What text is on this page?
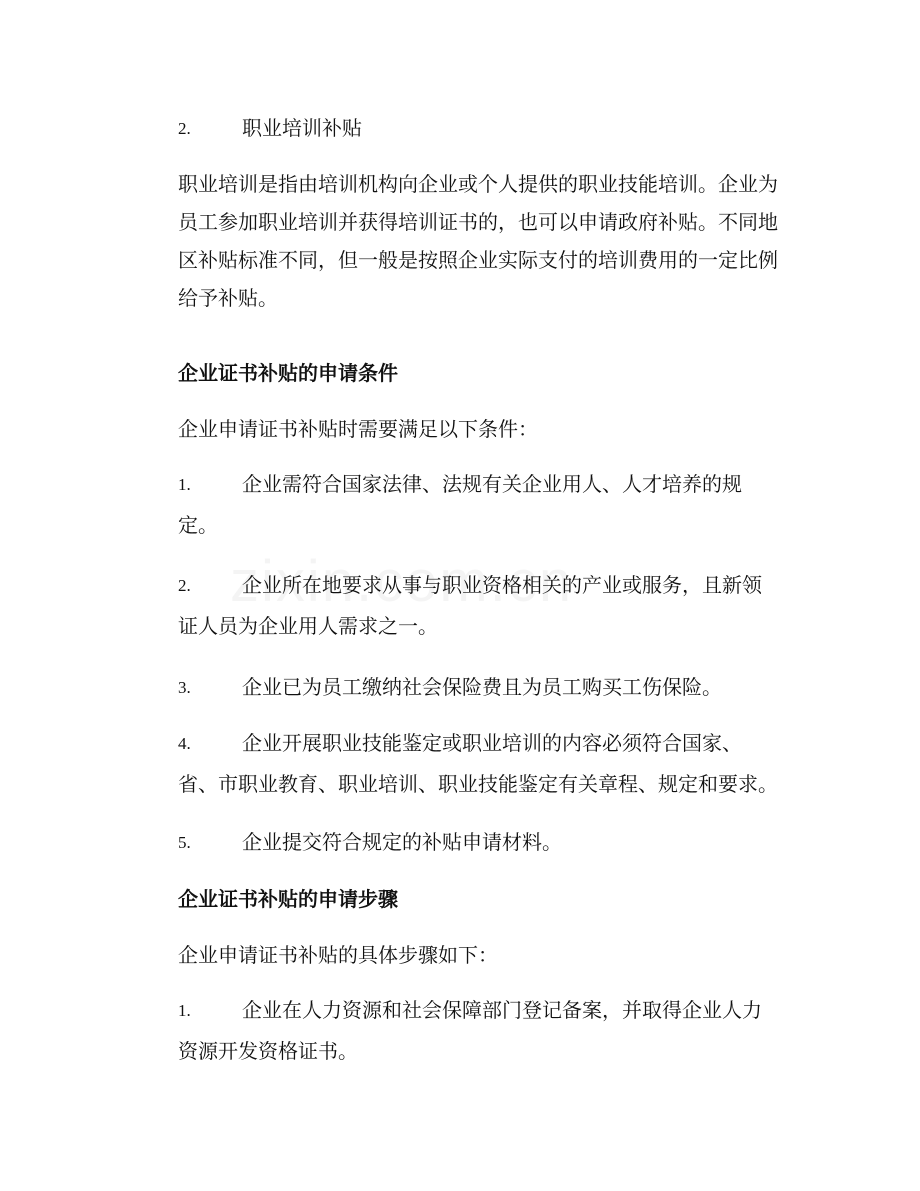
2.	职业培训补贴
职业培训是指由培训机构向企业或个人提供的职业技能培训。企业为员工参加职业培训并获得培训证书的，也可以申请政府补贴。不同地区补贴标准不同，但一般是按照企业实际支付的培训费用的一定比例给予补贴。
企业证书补贴的申请条件
企业申请证书补贴时需要满足以下条件：
1.	企业需符合国家法律、法规有关企业用人、人才培养的规定。
2.	企业所在地要求从事与职业资格相关的产业或服务，且新领证人员为企业用人需求之一。
3.	企业已为员工缴纳社会保险费且为员工购买工伤保险。
4.	企业开展职业技能鉴定或职业培训的内容必须符合国家、省、市职业教育、职业培训、职业技能鉴定有关章程、规定和要求。
5.	企业提交符合规定的补贴申请材料。
企业证书补贴的申请步骤
企业申请证书补贴的具体步骤如下：
1.	企业在人力资源和社会保障部门登记备案，并取得企业人力资源开发资格证书。
